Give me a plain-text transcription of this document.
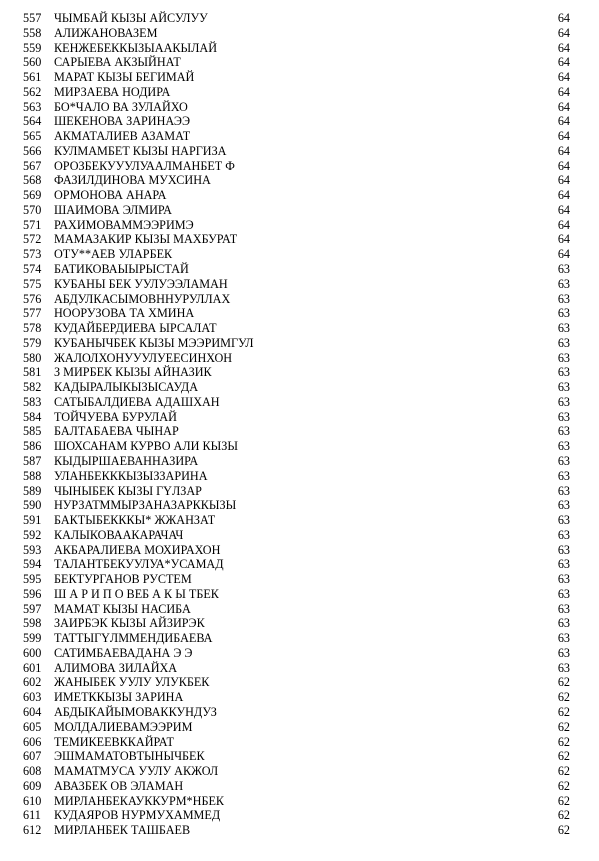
557 ЧЫМБАЙ КЫЗЫ АЙСУЛУУ	64
558 АЛИЖАНОВАЗЕМ	64
559 КЕНЖЕБЕККЫЗЫААКЫЛАЙ	64
560 САРЫЕВА АКЗЫЙНАТ	64
561 МАРАТ КЫЗЫ БЕГИМАЙ	64
562 МИРЗАЕВА НОДИРА	64
563 БО*ЧАЛО ВА ЗУЛАЙХО	64
564 ШЕКЕНОВА ЗАРИНАЭЭ	64
565 АКМАТАЛИЕВ АЗАМАТ	64
566 КУЛМАМБЕТ КЫЗЫ НАРГИЗА	64
567 ОРОЗБЕКУУУЛУААЛМАНБЕТ Ф	64
568 ФАЗИЛДИНОВА МУХСИНА	64
569 ОРМОНОВА АНАРА	64
570 ШАИМОВА ЭЛМИРА	64
571 РАХИМОВАММЭЭРИМЭ	64
572 МАМАЗАКИР КЫЗЫ МАХБУРАТ	64
573 ОТУ**АЕВ УЛАРБЕК	64
574 БАТИКОВАЫЫРЫСТАЙ	63
575 КУБАНЫ БЕК УУЛУЭЭЛАМАН	63
576 АБДУЛКАСЫМОВННУРУЛЛАХ	63
577 НООРУЗОВА ТА ХМИНА	63
578 КУДАЙБЕРДИЕВА ЫРСАЛАТ	63
579 КУБАНЫЧБЕК КЫЗЫ МЭЭРИМГУЛ	63
580 ЖАЛОЛХОНУУУЛУЕЕСИНХОН	63
581 З МИРБЕК КЫЗЫ АЙНАЗИК	63
582 КАДЫРАЛЫКЫЗЫСАУДА	63
583 САТЫБАЛДИЕВА АДАШХАН	63
584 ТОЙЧУЕВА БУРУЛАЙ	63
585 БАЛТАБАЕВА ЧЫНАР	63
586 ШОХСАНАМ КУРВО АЛИ КЫЗЫ	63
587 КЫДЫРШАЕВАННАЗИРА	63
588 УЛАНБЕКККЫЗЫЗЗАРИНА	63
589 ЧЫНЫБЕК КЫЗЫ ГҮЛЗАР	63
590 НУРЗАТММЫРЗАНАЗАРККЫЗЫ	63
591 БАКТЫБЕКККЫ* ЖЖАНЗАТ	63
592 КАЛЫКОВААКАРАЧАЧ	63
593 АКБАРАЛИЕВА МОХИРАХОН	63
594 ТАЛАНТБЕКУУЛУА*УСАМАД	63
595 БЕКТУРГАНОВ РУСТЕМ	63
596 Ш А Р И П О ВЕБ А К Ы ТБЕК	63
597 МАМАТ КЫЗЫ НАСИБА	63
598 ЗАИРБЭК КЫЗЫ АЙЗИРЭК	63
599 ТАТТЫГҮЛММЕНДИБАЕВА	63
600 САТИМБАЕВАДАНА Э Э	63
601 АЛИМОВА ЗИЛАЙХА	63
602 ЖАНЫБЕК УУЛУ УЛУКБЕК	62
603 ИМЕТККЫЗЫ ЗАРИНА	62
604 АБДЫКАЙЫМОВАККУНДУЗ	62
605 МОЛДАЛИЕВАМЭЭРИМ	62
606 ТЕМИКЕЕВККАЙРАТ	62
607 ЭШМАМАТОВТЫНЫЧБЕК	62
608 МАМАТМУСА УУЛУ АКЖОЛ	62
609 АВАЗБЕК ОВ ЭЛАМАН	62
610 МИРЛАНБЕКАУККУРМ*НБЕК	62
611 КУДАЯРОВ НУРМУХАММЕД	62
612 МИРЛАНБЕК ТАШБАЕВ	62
